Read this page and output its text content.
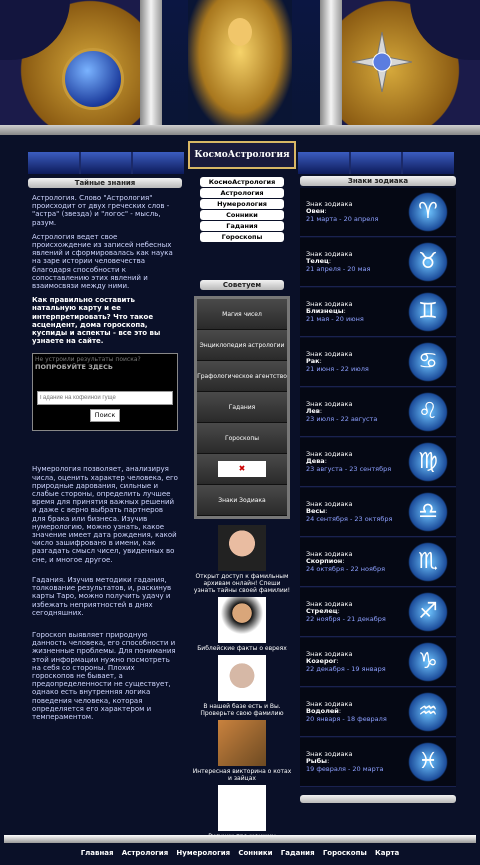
КосмоАстрология
Тайные знания

Астрология. Слово "Астрология" происходит от двух греческих слов - "астра" (звезда) и "логос" - мысль, разум.

Астрология ведет свое происхождение из записей небесных явлений и сформировалась как наука на заре истории человечества благодаря способности к сопоставлению этих явлений и взаимосвязи между ними.

Как правильно составить натальную карту и ее интерпретировать? Что такое асцендент, дома гороскопа, куспиды и аспекты - все это вы узнаете на сайте.
Не устроили результаты поиска?
ПОПРОБУЙТЕ ЗДЕСЬ
Гадание на кофейной гуще
Поиск

Нумерология позволяет, анализируя числа, оценить характер человека, его природные дарования, сильные и слабые стороны, определить лучшее время для принятия важных решений и даже с верно выбрать партнеров для брака или бизнеса. Изучив нумерологию, можно узнать, какое значение имеет дата рождения, какой число зашифровано в имени, как разгадать смысл чисел, увиденных во сне, и многое другое.

Гадания. Изучив методики гадания, толкование результатов, и, раскинув карты Таро, можно получить удачу и избежать неприятностей в днях сегодняшних.

Гороскоп выявляет природную данность человека, его способности и жизненные проблемы. Для понимания этой информации нужно посмотреть на себя со стороны. Плохих гороскопов не бывает, а предопределенности не существует, однако есть внутренняя логика поведения человека, которая определяется его характером и темпераментом.

КосмоАстрология
Астрология
Нумерология
Сонники
Гадания
Гороскопы
Советуем
Магия чисел
Энциклопедия астрологии
Графологическое агентство
Гадания
Гороскопы
✖
Знаки Зодиака
Открыт доступ к фамильным архивам онлайн! Спеши узнать тайны своей фамилии!
Библейские факты о евреях
В нашей базе есть и Вы. Проверьте свою фамилию
Интересная викторина о котах и зайцах
Знаки зодиака
Знак зодиака
Овен:
21 марта - 20 апреля	♈
Знак зодиака
Телец:
21 апреля - 20 мая	♉
Знак зодиака
Близнецы:
21 мая - 20 июня	♊
Знак зодиака
Рак:
21 июня - 22 июля	♋
Знак зодиака
Лев:
23 июля - 22 августа	♌
Знак зодиака
Дева:
23 августа - 23 сентября	♍
Знак зодиака
Весы:
24 сентября - 23 октября	♎
Знак зодиака
Скорпион:
24 октября - 22 ноября	♏
Знак зодиака
Стрелец:
22 ноября - 21 декабря	♐
Знак зодиака
Козерог:
22 декабря - 19 января	♑
Знак зодиака
Водолей:
20 января - 18 февраля	♒
Знак зодиака
Рыбы:
19 февраля - 20 марта	♓
Главная Астрология Нумерология Сонники Гадания Гороскопы Карта
